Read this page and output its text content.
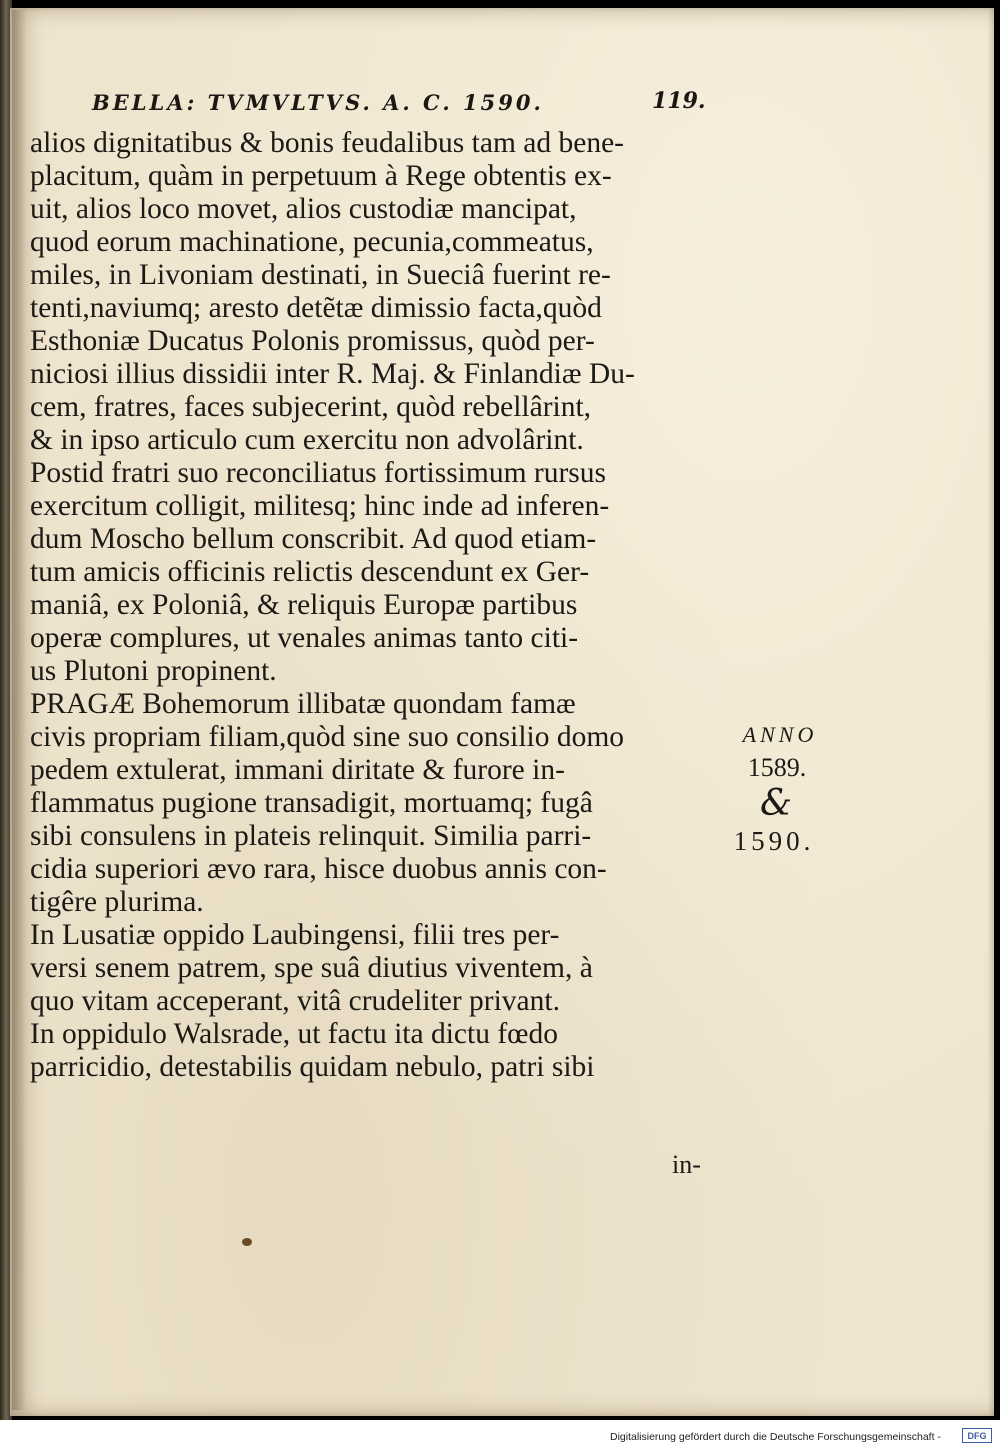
BELLA: TVMVLTVS. A. C. 1590.	119.
alios dignitatibus & bonis feudalibus tam ad bene-
placitum, quàm in perpetuum à Rege obtentis ex-
uit, alios loco movet, alios custodiæ mancipat,
quod eorum machinatione, pecunia,commeatus,
miles, in Livoniam destinati, in Sueciâ fuerint re-
tenti,naviumq; aresto detẽtæ dimissio facta,quòd
Esthoniæ Ducatus Polonis promissus, quòd per-
niciosi illius dissidii inter R. Maj. & Finlandiæ Du-
cem, fratres, faces subjecerint, quòd rebellârint,
& in ipso articulo cum exercitu non advolârint.
Postid fratri suo reconciliatus fortissimum rursus
exercitum colligit, militesq; hinc inde ad inferen-
dum Moscho bellum conscribit. Ad quod etiam-
tum amicis officinis relictis descendunt ex Ger-
maniâ, ex Poloniâ, & reliquis Europæ partibus
operæ complures, ut venales animas tanto citi-
us Plutoni propinent.
PRAGÆ Bohemorum illibatæ quondam famæ
civis propriam filiam,quòd sine suo consilio domo
pedem extulerat, immani diritate & furore in-
flammatus pugione transadigit, mortuamq; fugâ
sibi consulens in plateis relinquit. Similia parri-
cidia superiori ævo rara, hisce duobus annis con-
tigêre plurima.
In Lusatiæ oppido Laubingensi, filii tres per-
versi senem patrem, spe suâ diutius viventem, à
quo vitam acceperant, vitâ crudeliter privant.
In oppidulo Walsrade, ut factu ita dictu fœdo
parricidio, detestabilis quidam nebulo, patri sibi
in-
ANNO
1589.
&
1590.
Digitalisierung gefördert durch die Deutsche Forschungsgemeinschaft -	DFG
